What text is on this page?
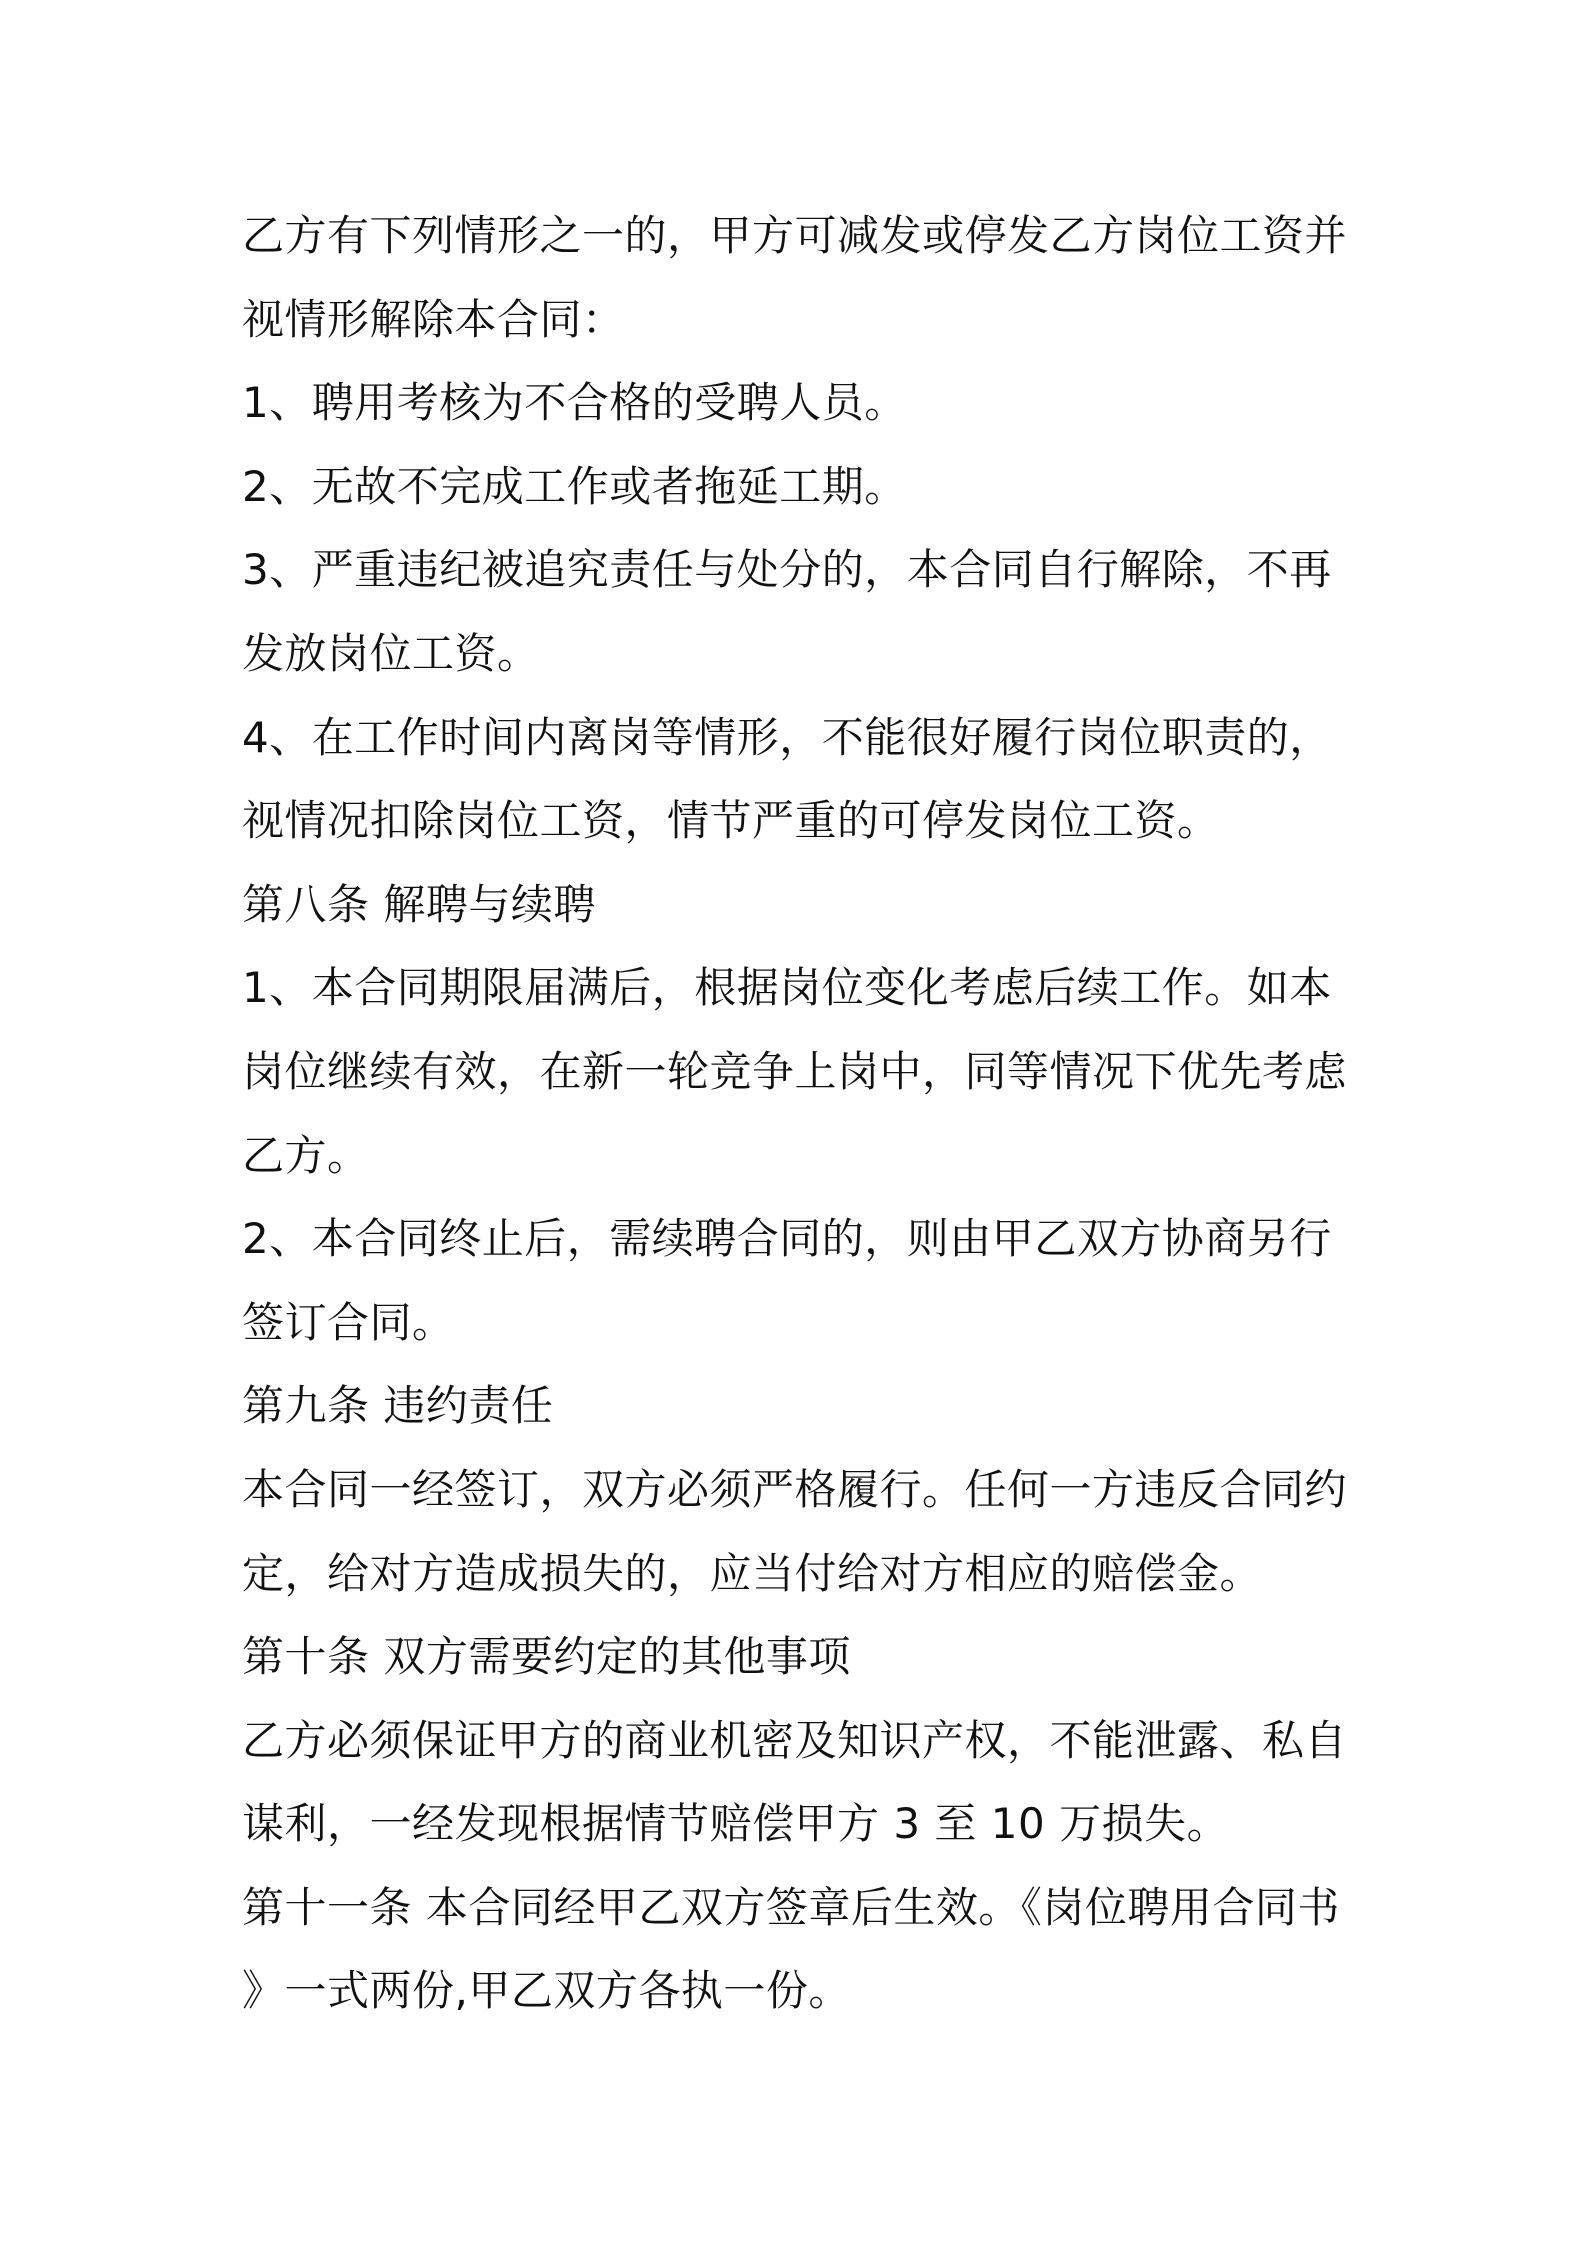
乙方有下列情形之一的，甲方可减发或停发乙方岗位工资并
视情形解除本合同：
1、聘用考核为不合格的受聘人员。
2、无故不完成工作或者拖延工期。
3、严重违纪被追究责任与处分的，本合同自行解除，不再
发放岗位工资。
4、在工作时间内离岗等情形，不能很好履行岗位职责的，
视情况扣除岗位工资，情节严重的可停发岗位工资。
第八条 解聘与续聘
1、本合同期限届满后，根据岗位变化考虑后续工作。如本
岗位继续有效，在新一轮竞争上岗中，同等情况下优先考虑
乙方。
2、本合同终止后，需续聘合同的，则由甲乙双方协商另行
签订合同。
第九条 违约责任
本合同一经签订，双方必须严格履行。任何一方违反合同约
定，给对方造成损失的，应当付给对方相应的赔偿金。
第十条 双方需要约定的其他事项
乙方必须保证甲方的商业机密及知识产权，不能泄露、私自
谋利，一经发现根据情节赔偿甲方 3 至 10 万损失。
第十一条 本合同经甲乙双方签章后生效。《岗位聘用合同书
》一式两份,甲乙双方各执一份。
